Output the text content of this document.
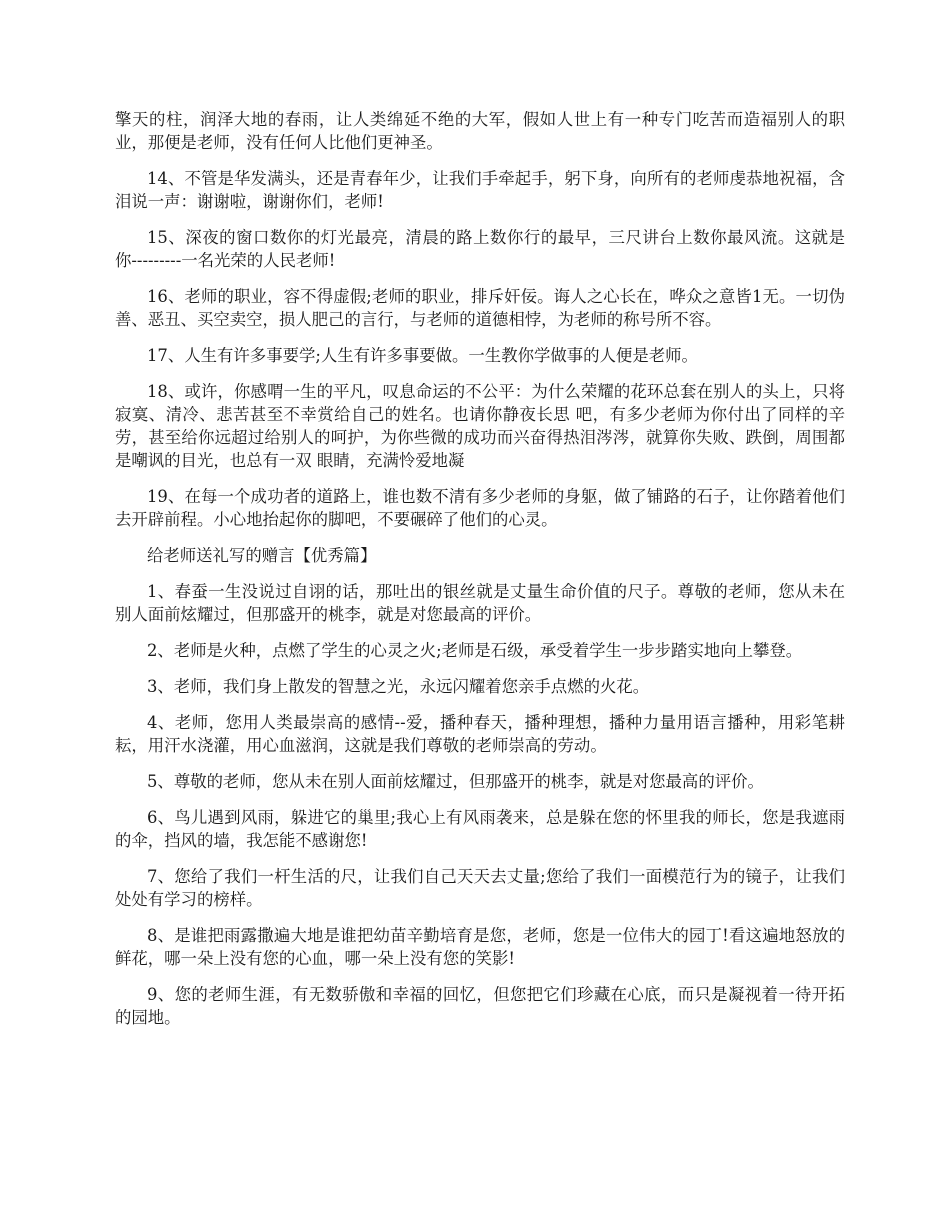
擎天的柱，润泽大地的春雨，让人类绵延不绝的大军，假如人世上有一种专门吃苦而造福别人的职业，那便是老师，没有任何人比他们更神圣。

14、不管是华发满头，还是青春年少，让我们手牵起手，躬下身，向所有的老师虔恭地祝福，含泪说一声：谢谢啦，谢谢你们，老师!

15、深夜的窗口数你的灯光最亮，清晨的路上数你行的最早，三尺讲台上数你最风流。这就是你---------一名光荣的人民老师!

16、老师的职业，容不得虚假;老师的职业，排斥奸佞。诲人之心长在，哗众之意皆1无。一切伪善、恶丑、买空卖空，损人肥己的言行，与老师的道德相悖，为老师的称号所不容。

17、人生有许多事要学;人生有许多事要做。一生教你学做事的人便是老师。

18、或许，你感喟一生的平凡，叹息命运的不公平：为什么荣耀的花环总套在别人的头上，只将寂寞、清冷、悲苦甚至不幸赏给自己的姓名。也请你静夜长思 吧，有多少老师为你付出了同样的辛劳，甚至给你远超过给别人的呵护，为你些微的成功而兴奋得热泪涔涔，就算你失败、跌倒，周围都是嘲讽的目光，也总有一双 眼睛，充满怜爱地凝

19、在每一个成功者的道路上，谁也数不清有多少老师的身躯，做了铺路的石子，让你踏着他们去开辟前程。小心地抬起你的脚吧，不要碾碎了他们的心灵。

给老师送礼写的赠言【优秀篇】

1、春蚕一生没说过自诩的话，那吐出的银丝就是丈量生命价值的尺子。尊敬的老师，您从未在别人面前炫耀过，但那盛开的桃李，就是对您最高的评价。

2、老师是火种，点燃了学生的心灵之火;老师是石级，承受着学生一步步踏实地向上攀登。

3、老师，我们身上散发的智慧之光，永远闪耀着您亲手点燃的火花。

4、老师，您用人类最崇高的感情--爱，播种春天，播种理想，播种力量用语言播种，用彩笔耕耘，用汗水浇灌，用心血滋润，这就是我们尊敬的老师崇高的劳动。

5、尊敬的老师，您从未在别人面前炫耀过，但那盛开的桃李，就是对您最高的评价。

6、鸟儿遇到风雨，躲进它的巢里;我心上有风雨袭来，总是躲在您的怀里我的师长，您是我遮雨的伞，挡风的墙，我怎能不感谢您!

7、您给了我们一杆生活的尺，让我们自己天天去丈量;您给了我们一面模范行为的镜子，让我们处处有学习的榜样。

8、是谁把雨露撒遍大地是谁把幼苗辛勤培育是您，老师，您是一位伟大的园丁!看这遍地怒放的鲜花，哪一朵上没有您的心血，哪一朵上没有您的笑影!

9、您的老师生涯，有无数骄傲和幸福的回忆，但您把它们珍藏在心底，而只是凝视着一待开拓的园地。
